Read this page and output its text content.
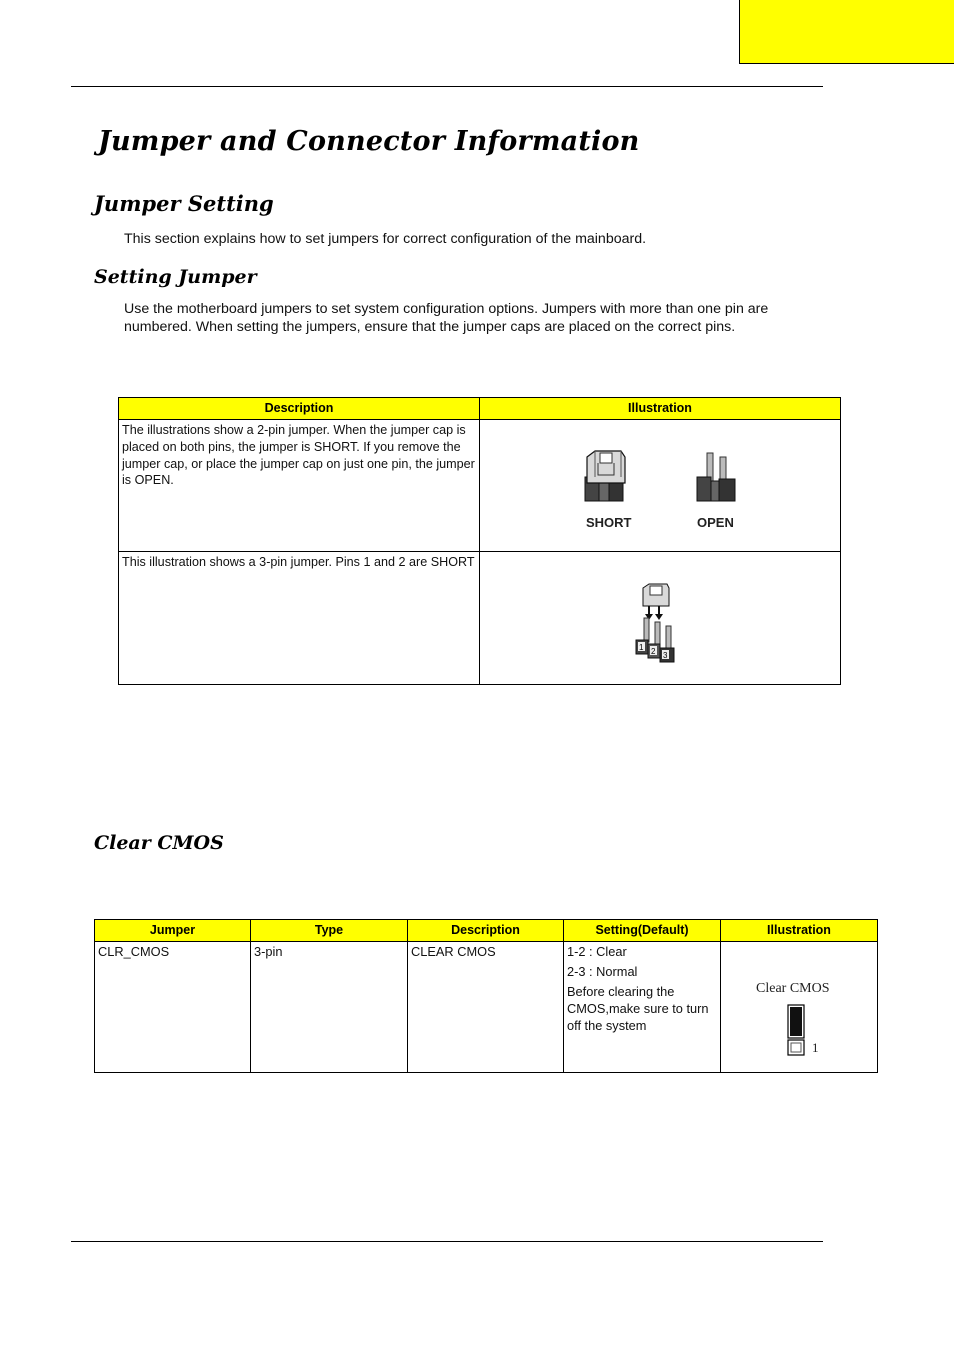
Jumper and Connector Information
Jumper Setting

This section explains how to set jumpers for correct configuration of the mainboard.

Setting Jumper

Use the motherboard jumpers to set system configuration options. Jumpers with more than one pin are numbered. When setting the jumpers, ensure that the jumper caps are placed on the correct pins.

Description	Illustration
The illustrations show a 2-pin jumper. When the jumper cap is placed on both pins, the jumper is SHORT. If you remove the jumper cap, or place the jumper cap on just one pin, the jumper is OPEN.	SHORT OPEN

This illustration shows a 3-pin jumper. Pins 1 and 2 are SHORT	1 2 3
Clear CMOS
Jumper	Type	Description	Setting(Default)	Illustration
CLR_CMOS	3-pin	CLEAR CMOS	1-2 : Clear
2-3 : Normal
Before clearing the CMOS,make sure to turn off the system	Clear CMOS
1
